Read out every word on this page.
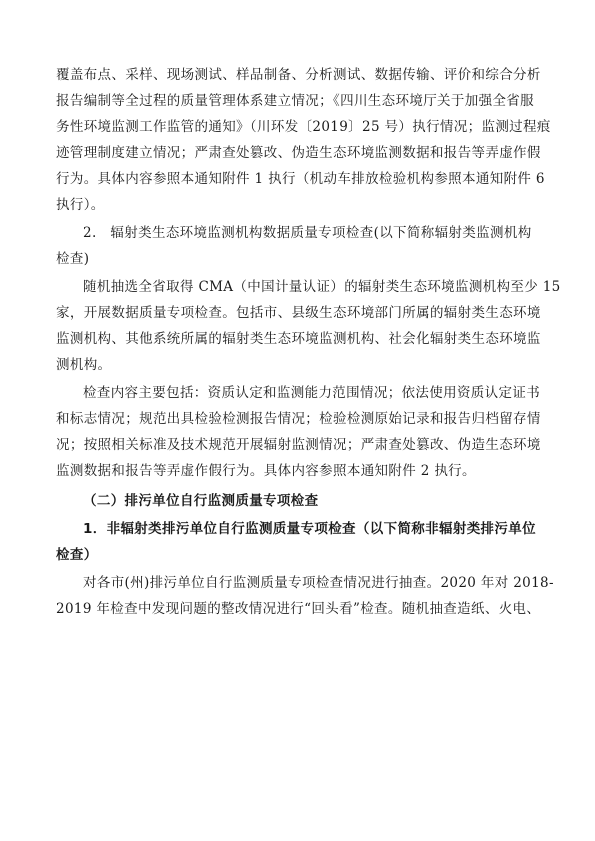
覆盖布点、采样、现场测试、样品制备、分析测试、数据传输、评价和综合分析
报告编制等全过程的质量管理体系建立情况；《四川生态环境厅关于加强全省服
务性环境监测工作监管的通知》（川环发〔2019〕25 号）执行情况；监测过程痕
迹管理制度建立情况；严肃查处篡改、伪造生态环境监测数据和报告等弄虚作假
行为。具体内容参照本通知附件 1 执行（机动车排放检验机构参照本通知附件 6
执行）。
2.　辐射类生态环境监测机构数据质量专项检查(以下简称辐射类监测机构
检查)
随机抽选全省取得 CMA（中国计量认证）的辐射类生态环境监测机构至少 15
家，开展数据质量专项检查。包括市、县级生态环境部门所属的辐射类生态环境
监测机构、其他系统所属的辐射类生态环境监测机构、社会化辐射类生态环境监
测机构。
检查内容主要包括：资质认定和监测能力范围情况；依法使用资质认定证书
和标志情况；规范出具检验检测报告情况；检验检测原始记录和报告归档留存情
况；按照相关标准及技术规范开展辐射监测情况；严肃查处篡改、伪造生态环境
监测数据和报告等弄虚作假行为。具体内容参照本通知附件 2 执行。
（二）排污单位自行监测质量专项检查
1．非辐射类排污单位自行监测质量专项检查（以下简称非辐射类排污单位
检查）
对各市(州)排污单位自行监测质量专项检查情况进行抽查。2020 年对 2018-
2019 年检查中发现问题的整改情况进行“回头看”检查。随机抽查造纸、火电、
